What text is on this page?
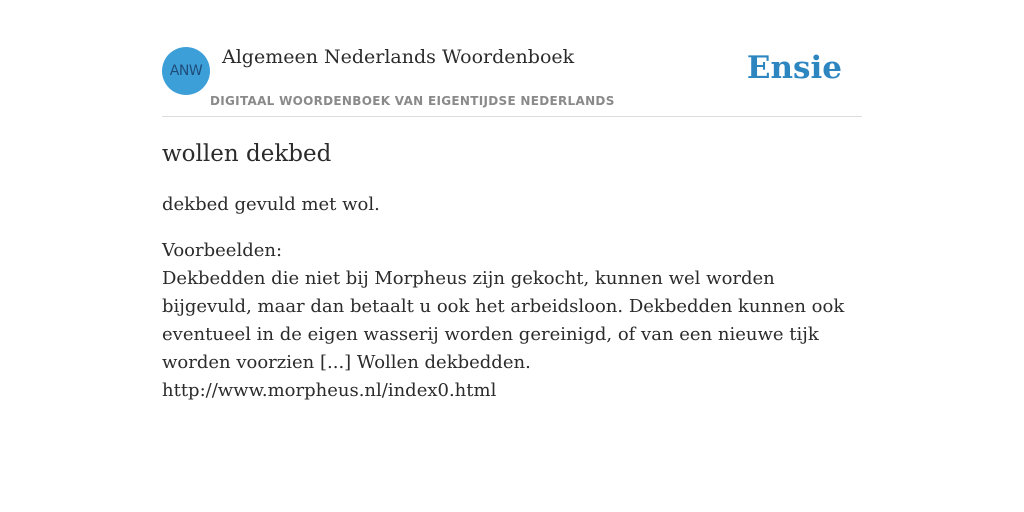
ANW
Algemeen Nederlands Woordenboek
DIGITAAL WOORDENBOEK VAN EIGENTIJDSE NEDERLANDS
Ensie
wollen dekbed
dekbed gevuld met wol.
Voorbeelden:
Dekbedden die niet bij Morpheus zijn gekocht, kunnen wel worden bijgevuld, maar dan betaalt u ook het arbeidsloon. Dekbedden kunnen ook eventueel in de eigen wasserij worden gereinigd, of van een nieuwe tijk worden voorzien [...] Wollen dekbedden.
http://www.morpheus.nl/index0.html
